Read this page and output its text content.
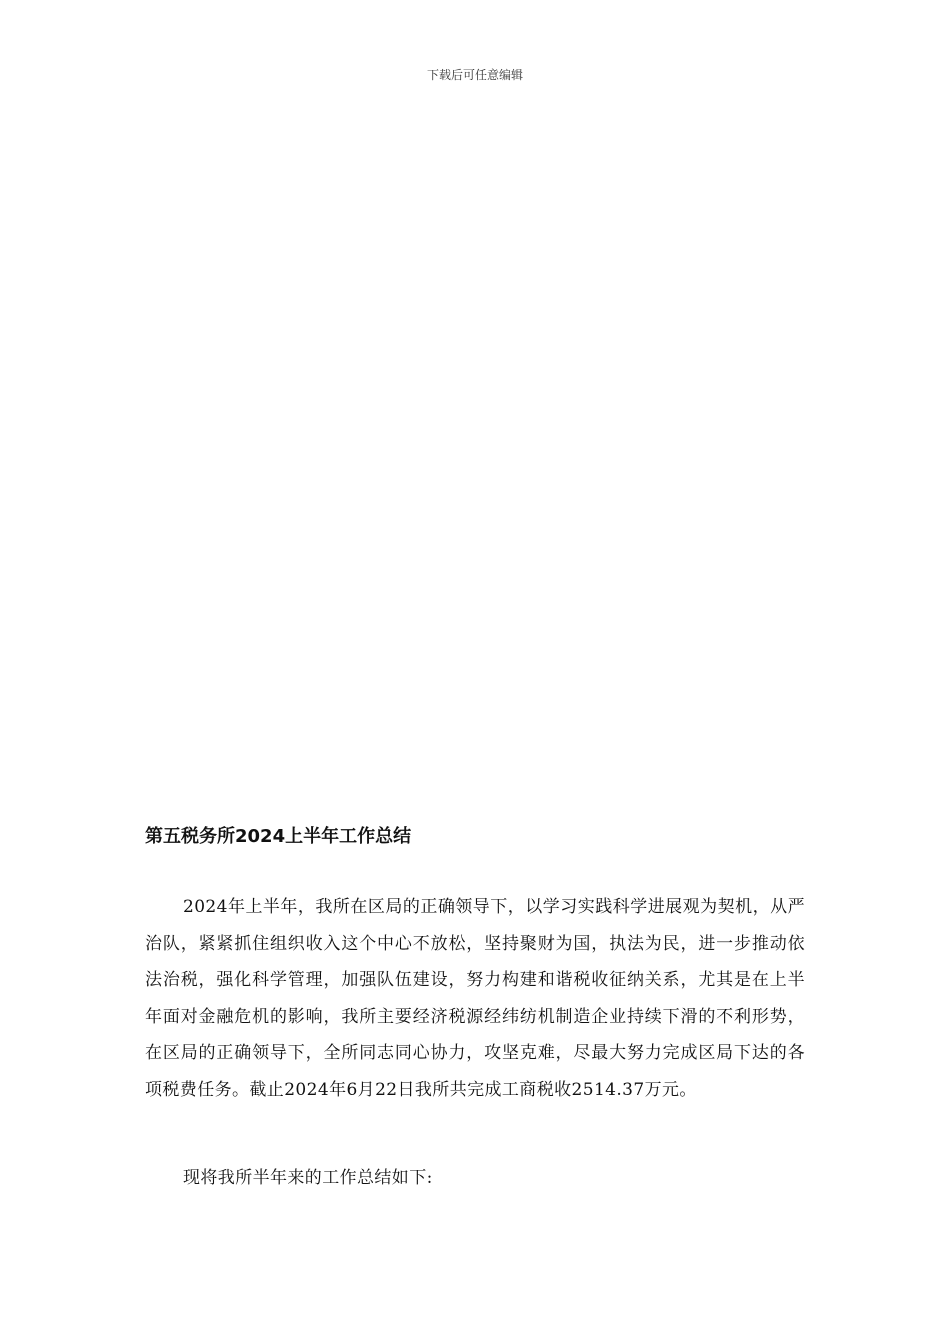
下载后可任意编辑
第五税务所2024上半年工作总结

2024年上半年，我所在区局的正确领导下，以学习实践科学进展观为契机，从严治队，紧紧抓住组织收入这个中心不放松，坚持聚财为国，执法为民，进一步推动依法治税，强化科学管理，加强队伍建设，努力构建和谐税收征纳关系，尤其是在上半年面对金融危机的影响，我所主要经济税源经纬纺机制造企业持续下滑的不利形势，在区局的正确领导下，全所同志同心协力，攻坚克难，尽最大努力完成区局下达的各项税费任务。截止2024年6月22日我所共完成工商税收2514.37万元。

现将我所半年来的工作总结如下:
